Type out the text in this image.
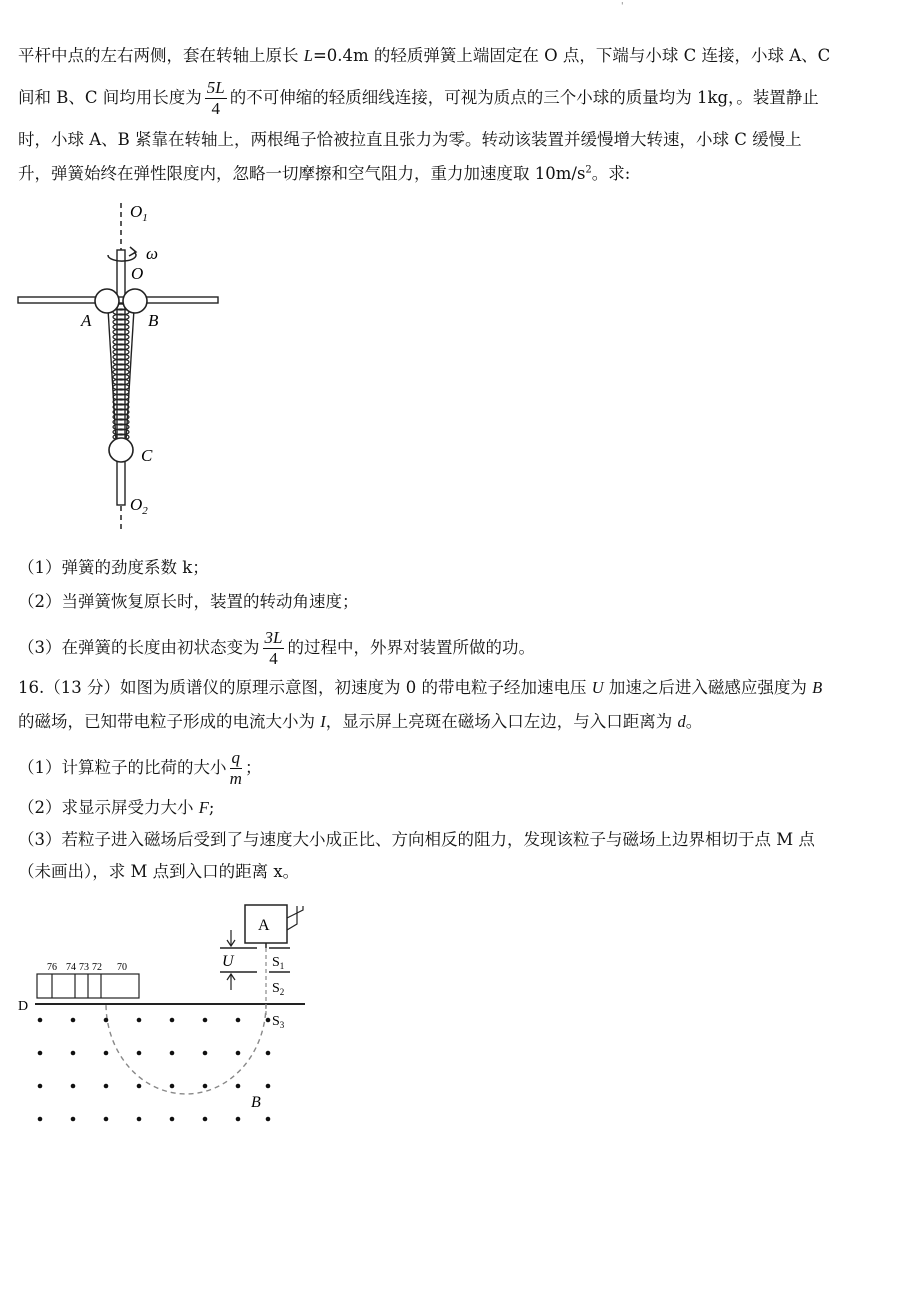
'
平杆中点的左右两侧，套在转轴上原长 L=0.4m 的轻质弹簧上端固定在 O 点，下端与小球 C 连接，小球 A、C
间和 B、C 间均用长度为 $\frac{5L}{4}$ 的不可伸缩的轻质细线连接，可视为质点的三个小球的质量均为 1kg，。装置静止
时，小球 A、B 紧靠在转轴上，两根绳子恰被拉直且张力为零。转动该装置并缓慢增大转速，小球 C 缓慢上
升，弹簧始终在弹性限度内，忽略一切摩擦和空气阻力，重力加速度取 $10m/s^2$。求:
$O_1$
ω
O
A	B
C
$O_2$
（1）弹簧的劲度系数 k；
（2）当弹簧恢复原长时，装置的转动角速度；
（3）在弹簧的长度由初状态变为 $\frac{3L}{4}$ 的过程中，外界对装置所做的功。
16.（13 分）如图为质谱仪的原理示意图，初速度为 0 的带电粒子经加速电压 U 加速之后进入磁感应强度为 B
的磁场，已知带电粒子形成的电流大小为 I，显示屏上亮斑在磁场入口左边，与入口距离为 d。
（1）计算粒子的比荷的大小 $\frac{q}{m}$ ；
（2）求显示屏受力大小 F;
（3）若粒子进入磁场后受到了与速度大小成正比、方向相反的阻力，发现该粒子与磁场上边界相切于点 M 点
（未画出），求 M 点到入口的距离 x。
A
U	$S_1$
$S_2$
$S_3$
D
76 74 73 72 70
B
